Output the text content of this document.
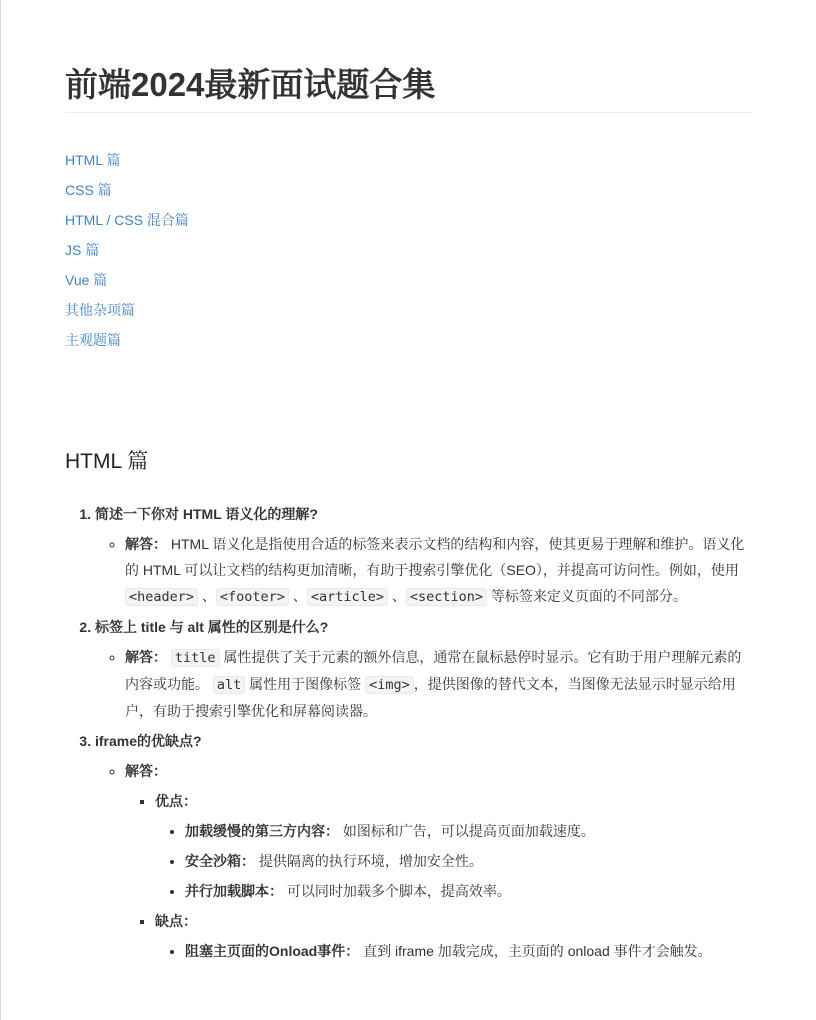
前端2024最新面试题合集
HTML 篇
CSS 篇
HTML / CSS 混合篇
JS 篇
Vue 篇
其他杂项篇
主观题篇
HTML 篇
1. 简述一下你对 HTML 语义化的理解?
◦ 解答： HTML 语义化是指使用合适的标签来表示文档的结构和内容，使其更易于理解和维护。语义化的 HTML 可以让文档的结构更加清晰，有助于搜索引擎优化（SEO），并提高可访问性。例如，使用 <header> 、 <footer> 、 <article> 、 <section> 等标签来定义页面的不同部分。
2. 标签上 title 与 alt 属性的区别是什么?
◦ 解答： title 属性提供了关于元素的额外信息，通常在鼠标悬停时显示。它有助于用户理解元素的内容或功能。 alt 属性用于图像标签 <img> ，提供图像的替代文本，当图像无法显示时显示给用户，有助于搜索引擎优化和屏幕阅读器。
3. iframe的优缺点?
◦ 解答：
▪ 优点：
• 加载缓慢的第三方内容： 如图标和广告，可以提高页面加载速度。
• 安全沙箱： 提供隔离的执行环境，增加安全性。
• 并行加载脚本： 可以同时加载多个脚本，提高效率。
▪ 缺点：
• 阻塞主页面的Onload事件： 直到 iframe 加载完成，主页面的 onload 事件才会触发。
